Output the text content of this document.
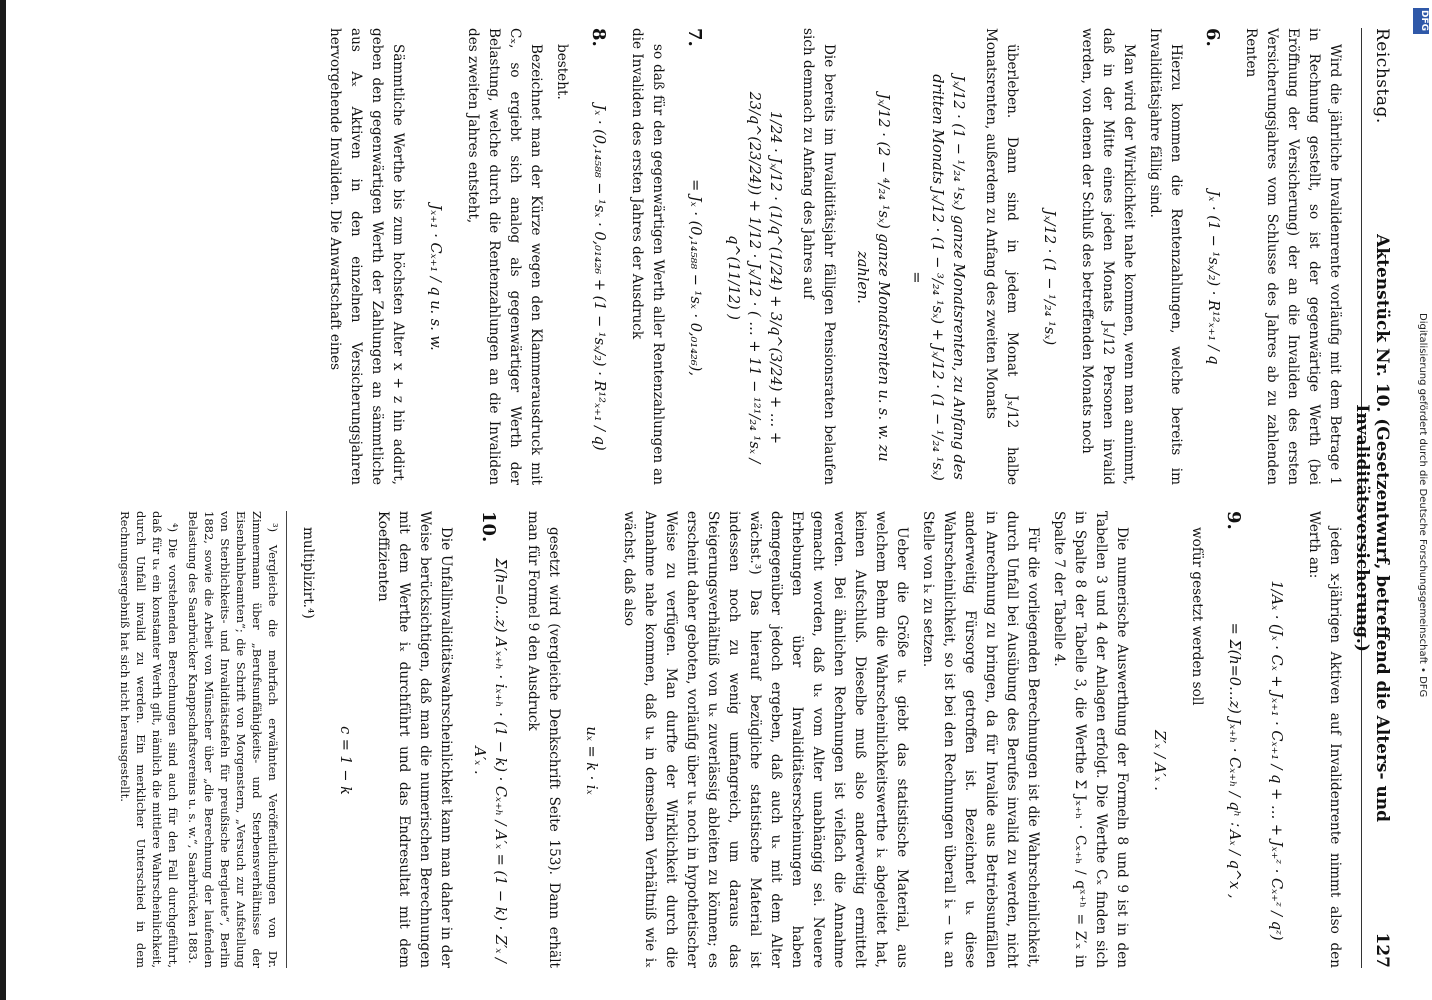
Reichstag.
Aktenstück Nr. 10. (Gesetzentwurf, betreffend die Alters- und Invaliditätsversicherung.)
127

Wird die jährliche Invalidenrente vorläufig mit dem Betrage 1 in Rechnung gestellt, so ist der gegenwärtige Werth (bei Eröffnung der Versicherung) der an die Invaliden des ersten Versicherungsjahres vom Schlusse des Jahres ab zu zahlenden Renten

6.
Jₓ · (1 − ¹sₓ/₂) · R¹²ₓ₊₁ / q

Hierzu kommen die Rentenzahlungen, welche bereits im Invaliditätsjahre fällig sind.

Man wird der Wirklichkeit nahe kommen, wenn man annimmt, daß in der Mitte eines jeden Monats Jₓ/12 Personen invalid werden, von denen der Schluß des betreffenden Monats noch

Jₓ/12 · (1 − ¹/₂₄ ¹sₓ)

überleben. Dann sind in jedem Monat Jₓ/12 halbe Monatsrenten, außerdem zu Anfang des zweiten Monats

Jₓ/12 · (1 − ¹/₂₄ ¹sₓ) ganze Monatsrenten, zu Anfang des dritten Monats Jₓ/12 · (1 − ³/₂₄ ¹sₓ) + Jₓ/12 · (1 − ¹/₂₄ ¹sₓ) =
Jₓ/12 · (2 − ⁴/₂₄ ¹sₓ) ganze Monatsrenten u. s. w. zu zahlen.

Die bereits im Invaliditätsjahr fälligen Pensionsraten belaufen sich demnach zu Anfang des Jahres auf

1/24 · Jₓ/12 · (1/q^(1/24) + 3/q^(3/24) + … + 23/q^(23/24)) + 1/12 · Jₓ/12 · ( … + 11 − ¹²¹/₂₄ ¹sₓ / q^(11/12) )
7.
= Jₓ · (0,₁₄₅₈₈ − ¹sₓ · 0,₀₁₄₂₆),

so daß für den gegenwärtigen Werth aller Rentenzahlungen an die Invaliden des ersten Jahres der Ausdruck

8.
Jₓ · (0,₁₄₅₈₈ − ¹sₓ · 0,₀₁₄₂₆ + (1 − ¹sₓ/₂) · R¹²ₓ₊₁ / q)

besteht.

Bezeichnet man der Kürze wegen den Klammerausdruck mit Cₓ, so ergiebt sich analog als gegenwärtiger Werth der Belastung, welche durch die Rentenzahlungen an die Invaliden des zweiten Jahres entsteht,

Jₓ₊₁ · Cₓ₊₁ / q u. s. w.

Sämmtliche Werthe bis zum höchsten Alter x + z hin addirt, geben den gegenwärtigen Werth der Zahlungen an sämmtliche aus Aₓ Aktiven in den einzelnen Versicherungsjahren hervorgehende Invaliden. Die Anwartschaft eines

jeden x-jährigen Aktiven auf Invalidenrente nimmt also den Werth an:

1/Aₓ · (Jₓ · Cₓ + Jₓ₊₁ · Cₓ₊₁ / q + … + Jₓ₊ᶻ · Cₓ₊ᶻ / qᶻ)
9.
= Σ(h=0…z) Jₓ₊ₕ · Cₓ₊ₕ / qʰ ∶ Aₓ / q^x ,

wofür gesetzt werden soll

Z′ₓ / A′ₓ .

Die numerische Auswerthung der Formeln 8 und 9 ist in den Tabellen 3 und 4 der Anlagen erfolgt. Die Werthe Cₓ finden sich in Spalte 8 der Tabelle 3, die Werthe Σ Jₓ₊ₕ · Cₓ₊ₕ / qˣ⁺ʰ = Z′ₓ in Spalte 7 der Tabelle 4.

Für die vorliegenden Berechnungen ist die Wahrscheinlichkeit, durch Unfall bei Ausübung des Berufes invalid zu werden, nicht in Anrechnung zu bringen, da für Invalide aus Betriebsunfällen anderweitig Fürsorge getroffen ist. Bezeichnet uₓ diese Wahrscheinlichkeit, so ist bei den Rechnungen überall iₓ − uₓ an Stelle von iₓ zu setzen.

Ueber die Größe uₓ giebt das statistische Material, aus welchem Behm die Wahrscheinlichkeitswerthe iₓ abgeleitet hat, keinen Aufschluß. Dieselbe muß also anderweitig ermittelt werden. Bei ähnlichen Rechnungen ist vielfach die Annahme gemacht worden, daß uₓ vom Alter unabhängig sei. Neuere Erhebungen über Invaliditätserscheinungen haben demgegenüber jedoch ergeben, daß auch uₓ mit dem Alter wächst.³) Das hierauf bezügliche statistische Material ist indessen noch zu wenig umfangreich, um daraus das Steigerungsverhältniß von uₓ zuverlässig ableiten zu können; es erscheint daher geboten, vorläufig über uₓ noch in hypothetischer Weise zu verfügen. Man durfte der Wirklichkeit durch die Annahme nahe kommen, daß uₓ in demselben Verhältniß wie iₓ wächst, daß also

uₓ = k · iₓ

gesetzt wird (vergleiche Denkschrift Seite 153). Dann erhält man für Formel 9 den Ausdruck

10.
Σ(h=0…z) A′ₓ₊ₕ · iₓ₊ₕ · (1 − k) · Cₓ₊ₕ / A′ₓ = (1 − k) · Z′ₓ / A′ₓ .

Die Unfallinvaliditätswahrscheinlichkeit kann man daher in der Weise berücksichtigen, daß man die numerischen Berechnungen mit dem Werthe iₓ durchführt und das Endresultat mit dem Koeffizienten

c = 1 − k

multiplizirt.⁴)

³) Vergleiche die mehrfach erwähnten Veröffentlichungen von Dr. Zimmermann über „Berufsunfähigkeits- und Sterbensverhältnisse der Eisenbahnbeamten“; die Schrift von Morgenstern, „Versuch zur Aufstellung von Sterblichkeits- und Invaliditätstafeln für preußische Bergleute“, Berlin 1882, sowie die Arbeit von Münscher über „die Berechnung der laufenden Belastung des Saarbrücker Knappschaftsvereins u. s. w.“, Saarbrücken 1883.

⁴) Die vorstehenden Berechnungen sind auch für den Fall durchgeführt, daß für uₓ ein konstanter Werth gilt, nämlich die mittlere Wahrscheinlichkeit, durch Unfall invalid zu werden. Ein merklicher Unterschied in dem Rechnungsergebniß hat sich nicht herausgestellt.

DFG
Digitalisierung gefördert durch die Deutsche Forschungsgemeinschaft • DFG
